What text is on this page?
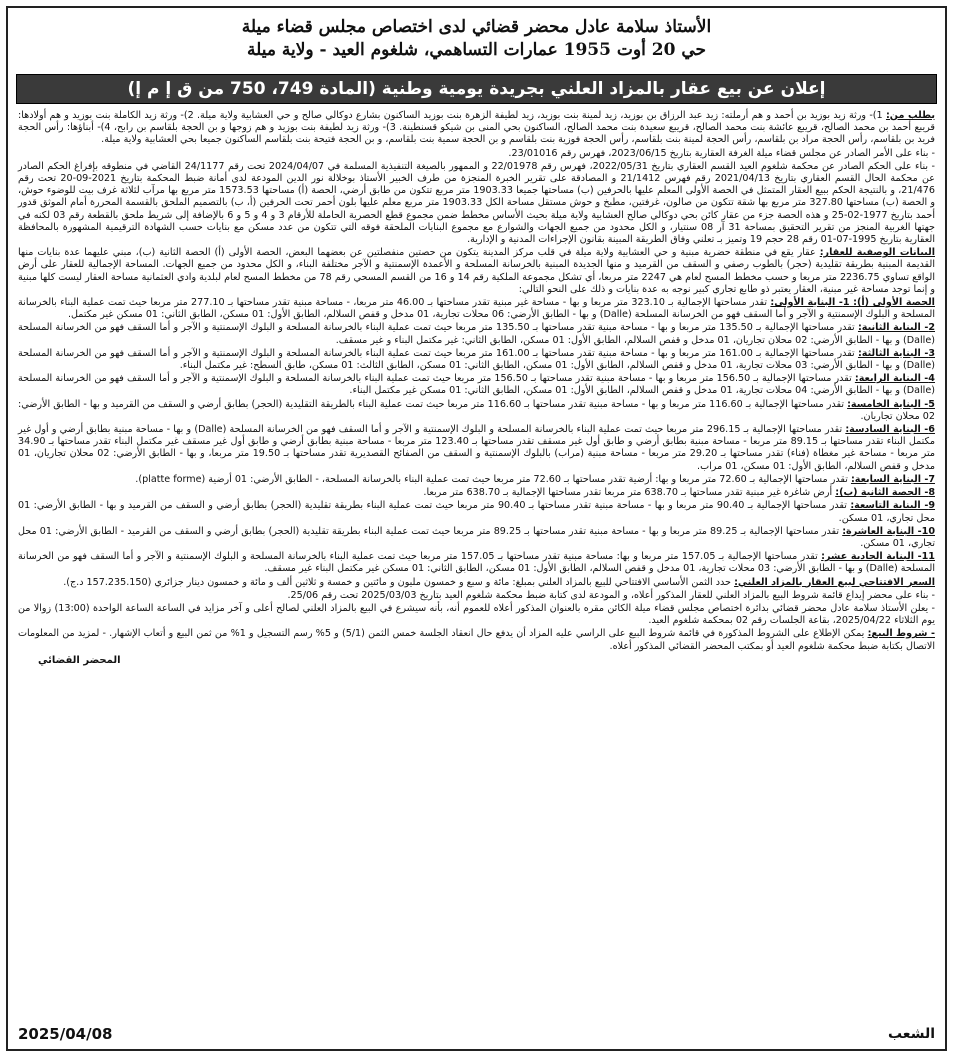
الأستاذ سلامة عادل محضر قضائي لدى اختصاص مجلس قضاء ميلة
حي 20 أوت 1955 عمارات التساهمي، شلغوم العيد - ولاية ميلة
إعلان عن بيع عقار بالمزاد العلني بجريدة يومية وطنية (المادة 749، 750 من ق إ م إ)

بطلب من: 1)- ورثة زيد بوزيد بن أحمد و هم أرملته: زيد عبد الرزاق بن بوزيد، زيد لمينة بنت بوزيد، زيد لطيفة الزهرة بنت بوزيد الساكنون بشارع دوكالي صالح و حي العشابية ولاية ميلة. 2)- ورثة زيد الكاملة بنت بوزيد و هم أولادها: قريبع أحمد بن محمد الصالح، قريبع عائشة بنت محمد الصالح، قريبع سعيدة بنت محمد الصالح، الساكنون بحي المنى بن شيكو قسنطينة. 3)- ورثة زيد لطيفة بنت بوزيد و هم زوجها و بن الحجة بلقاسم بن رابح، 4)- أبناؤها: رأس الحجة فريد بن بلقاسم، رأس الحجة مراد بن بلقاسم، رأس الحجة لمينة بنت بلقاسم، رأس الحجة فوزية بنت بلقاسم و بن الحجة سمية بنت بلقاسم، و بن الحجة فتيحة بنت بلقاسم الساكنون جميعا بحي العشابية ولاية ميلة.

- بناء على الأمر الصادر عن مجلس قضاء ميلة الغرفة العقارية بتاريخ 2023/06/15، فهرس رقم 23/01016.

- بناء على الحكم الصادر عن محكمة شلغوم العيد القسم العقاري بتاريخ 2022/05/31، فهرس رقم 22/01978 و الممهور بالصيغة التنفيذية المسلمة في 2024/04/07 تحت رقم 24/1177 القاضي في منطوقه بإفراغ الحكم الصادر عن محكمة الحال القسم العقاري بتاريخ 2021/04/13 رقم فهرس 21/1412 و المصادقة على تقرير الخبرة المنجزة من طرف الخبير الأستاذ بوخلالة نور الدين المودعة لدى أمانة ضبط المحكمة بتاريخ 2021-09-20 تحت رقم 21/476، و بالنتيجة الحكم ببيع العقار المتمثل في الحصة الأولى المعلم عليها بالحرفين (ب) مساحتها جميعا 1903.33 متر مربع تتكون من طابق أرضي، الحصة (أ) مساحتها 1573.53 متر مربع بها مرآب لثلاثة غرف بيت للوضوء حوش، و الحصة (ب) مساحتها 327.80 متر مربع بها شقة تتكون من صالون، غرفتين، مطبخ و حوش مستقل مساحة الكل 1903.33 متر مربع معلم عليها بلون أحمر تحت الحرفين (أ، ب) بالتصميم الملحق بالقسمة المحررة أمام الموثق قدور أحمد بتاريخ 1977-02-25 و هذه الحصة جزء من عقار كائن بحي دوكالي صالح العشابية ولاية ميلة بحيث الأساس مخطط ضمن مجموع قطع الحصرية الحاملة للأرقام 3 و 4 و 5 و 6 بالإضافة إلى شريط ملحق بالقطعة رقم 03 لكنه في جهتها الغربية المنجز من تقرير التحقيق بمساحة 31 آر 08 سنتيار، و الكل محدود من جميع الجهات والشوارع مع مجموع البنايات الملحقة فوقه التي تتكون من عدد مسكن مع بنايات حسب الشهادة الترقيمية المشهورة بالمحافظة العقارية بتاريخ 1995-07-01 رقم 28 حجم 19 وتميز بـ تعلني وفاق الطريقة المبينة بقانون الإجراءات المدنية و الإدارية.

البيانات الوصفية للعقار: عقار يقع في منطقة حضرية مبنية و حي العشابية ولاية ميلة في قلب مركز المدينة يتكون من حصتين منفصلتين عن بعضهما البعض، الحصة الأولى (أ) الحصة الثانية (ب)، مبني عليهما عدة بنايات منها القديمة المبنية بطريقة تقليدية (حجر) بالطوب رصفي و السقف من القرميد و منها الجديدة المبنية بالخرسانة المسلحة و الأعمدة الإسمنتية و الآجر مختلفة البناء، و الكل محدود من جميع الجهات. المساحة الإجمالية للعقار على أرض الواقع تساوي 2236.75 متر مربعا و حسب مخطط المسح لعام هي 2247 متر مربعا، أي تشكل مجموعة الملكية رقم 14 و 16 من القسم المسحي رقم 78 من مخطط المسح لعام لبلدية وادي العثمانية مساحة العقار ليست كلها مبنية و إنما توجد مساحة غير مبنية، العقار يعتبر ذو طابع تجاري كبير نوجه به عدة بنايات و ذلك على النحو التالي:

الحصة الأولى (أ): 1- البناية الأولى: تقدر مساحتها الإجمالية بـ 323.10 متر مربعا و بها - مساحة غير مبنية تقدر مساحتها بـ 46.00 متر مربعا، - مساحة مبنية تقدر مساحتها بـ 277.10 متر مربعا حيث تمت عملية البناء بالخرسانة المسلحة و البلوك الإسمنتية و الآجر و أما السقف فهو من الخرسانة المسلحة (Dalle) و بها - الطابق الأرضي: 06 محلات تجارية، 01 مدخل و قفص السلالم، الطابق الأول: 01 مسكن، الطابق الثاني: 01 مسكن غير مكتمل.

2- البناية الثانية: تقدر مساحتها الإجمالية بـ 135.50 متر مربعا و بها - مساحة مبنية تقدر مساحتها بـ 135.50 متر مربعا حيث تمت عملية البناء بالخرسانة المسلحة و البلوك الإسمنتية و الآجر و أما السقف فهو من الخرسانة المسلحة (Dalle) و بها - الطابق الأرضي: 02 محلان تجاريان، 01 مدخل و قفص السلالم، الطابق الأول: 01 مسكن، الطابق الثاني: غير مكتمل البناء و غير مسقف.

3- البناية الثالثة: تقدر مساحتها الإجمالية بـ 161.00 متر مربعا و بها - مساحة مبنية تقدر مساحتها بـ 161.00 متر مربعا حيث تمت عملية البناء بالخرسانة المسلحة و البلوك الإسمنتية و الآجر و أما السقف فهو من الخرسانة المسلحة (Dalle) و بها - الطابق الأرضي: 03 محلات تجارية، 01 مدخل و قفص السلالم، الطابق الأول: 01 مسكن، الطابق الثاني: 01 مسكن، الطابق الثالث: 01 مسكن، طابق السطح: غير مكتمل البناء.

4- البناية الرابعة: تقدر مساحتها الإجمالية بـ 156.50 متر مربعا و بها - مساحة مبنية تقدر مساحتها بـ 156.50 متر مربعا حيث تمت عملية البناء بالخرسانة المسلحة و البلوك الإسمنتية و الآجر و أما السقف فهو من الخرسانة المسلحة (Dalle) و بها - الطابق الأرضي: 04 محلات تجارية، 01 مدخل و قفص السلالم، الطابق الأول: 01 مسكن، الطابق الثاني: 01 مسكن غير مكتمل البناء.

5- البناية الخامسة: تقدر مساحتها الإجمالية بـ 116.60 متر مربعا و بها - مساحة مبنية تقدر مساحتها بـ 116.60 متر مربعا حيث تمت عملية البناء بالطريقة التقليدية (الحجر) بطابق أرضي و السقف من القرميد و بها - الطابق الأرضي: 02 محلان تجاريان.

6- البناية السادسة: تقدر مساحتها الإجمالية بـ 296.15 متر مربعا حيث تمت عملية البناء بالخرسانة المسلحة و البلوك الإسمنتية و الآجر و أما السقف فهو من الخرسانة المسلحة (Dalle) و بها - مساحة مبنية بطابق أرضي و أول غير مكتمل البناء تقدر مساحتها بـ 89.15 متر مربعا - مساحة مبنية بطابق أرضي و طابق أول غير مسقف تقدر مساحتها بـ 123.40 متر مربعا - مساحة مبنية بطابق أرضي و طابق أول غير مسقف غير مكتمل البناء تقدر مساحتها بـ 34.90 متر مربعا - مساحة غير مغطاة (فناء) تقدر مساحتها بـ 29.20 متر مربعا - مساحة مبنية (مراب) بالبلوك الإسمنتية و السقف من الصفائح القصديرية تقدر مساحتها بـ 19.50 متر مربعا، و بها - الطابق الأرضي: 02 محلان تجاريان، 01 مدخل و قفص السلالم، الطابق الأول: 01 مسكن، 01 مراب.

7- البناية السابعة: تقدر مساحتها الإجمالية بـ 72.60 متر مربعا و بها: أرضية تقدر مساحتها بـ 72.60 متر مربعا حيث تمت عملية البناء بالخرسانة المسلحة، - الطابق الأرضي: 01 أرضية (platte forme).

8- الحصة الثانية (ب): أرض شاغرة غير مبنية تقدر مساحتها بـ 638.70 متر مربعا تقدر مساحتها الإجمالية بـ 638.70 متر مربعا.

9- البناية التاسعة: تقدر مساحتها الإجمالية بـ 90.40 متر مربعا و بها - مساحة مبنية تقدر مساحتها بـ 90.40 متر مربعا حيث تمت عملية البناء بطريقة تقليدية (الحجر) بطابق أرضي و السقف من القرميد و بها - الطابق الأرضي: 01 محل تجاري، 01 مسكن.

10- البناية العاشرة: تقدر مساحتها الإجمالية بـ 89.25 متر مربعا و بها - مساحة مبنية تقدر مساحتها بـ 89.25 متر مربعا حيث تمت عملية البناء بطريقة تقليدية (الحجر) بطابق أرضي و السقف من القرميد - الطابق الأرضي: 01 محل تجاري، 01 مسكن.

11- البناية الحادية عشر: تقدر مساحتها الإجمالية بـ 157.05 متر مربعا و بها: مساحة مبنية تقدر مساحتها بـ 157.05 متر مربعا حيث تمت عملية البناء بالخرسانة المسلحة و البلوك الإسمنتية و الآجر و أما السقف فهو من الخرسانة المسلحة (Dalle) و بها - الطابق الأرضي: 03 محلات تجارية، 01 مدخل و قفص السلالم، الطابق الأول: 01 مسكن، الطابق الثاني: 01 مسكن غير مكتمل البناء غير مسقف.

السعر الافتتاحي لبيع العقار بالمزاد العلني: حدد الثمن الأساسي الافتتاحي للبيع بالمزاد العلني بمبلغ: مائة و سبع و خمسون مليون و مائتين و خمسة و ثلاثين ألف و مائة و خمسون دينار جزائري (157.235.150 د.ج).

- بناء على محضر إيداع قائمة شروط البيع بالمزاد العلني للعقار المذكور أعلاه، و المودعة لدى كتابة ضبط محكمة شلغوم العيد بتاريخ 2025/03/03 تحت رقم 25/06.

- يعلن الأستاذ سلامة عادل محضر قضائي بدائرة اختصاص مجلس قضاء ميلة الكائن مقره بالعنوان المذكور أعلاه للعموم أنه، بأنه سيشرع في البيع بالمزاد العلني لصالح أعلى و آخر مزايد في الساعة الساعة الواحدة (13:00) زوالا من يوم الثلاثاء 2025/04/22، بقاعة الجلسات رقم 02 بمحكمة شلغوم العيد.

- شروط البيع: يمكن الإطلاع على الشروط المذكورة في قائمة شروط البيع على الراسي عليه المزاد أن يدفع حال انعقاد الجلسة خمس الثمن (5/1) و 5% رسم التسجيل و 1% من ثمن البيع و أتعاب الإشهار. - لمزيد من المعلومات الاتصال بكتابة ضبط محكمة شلغوم العيد أو بمكتب المحضر القضائي المذكور أعلاه.

المحضر القضائي
الشعب
2025/04/08
